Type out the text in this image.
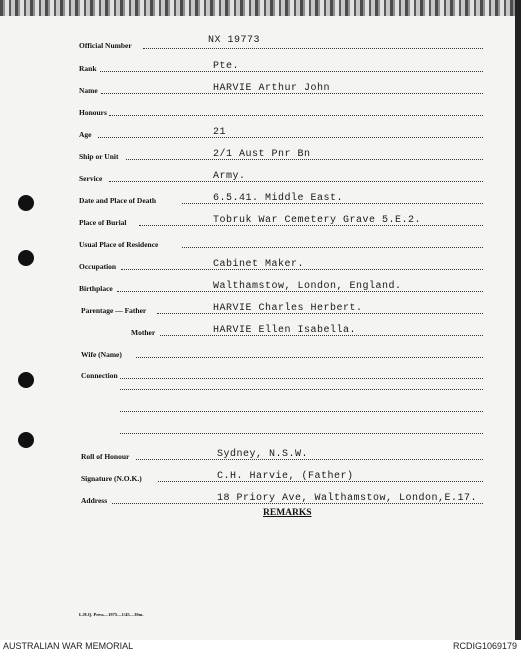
Official Number	NX 19773
Rank	Pte.
Name	HARVIE Arthur John
Honours
Age	21
Ship or Unit	2/1 Aust Pnr Bn
Service	Army.
Date and Place of Death	6.5.41. Middle East.
Place of Burial	Tobruk War Cemetery Grave 5.E.2.
Usual Place of Residence
Occupation	Cabinet Maker.
Birthplace	Walthamstow, London, England.
Parentage — Father	HARVIE Charles Herbert.
Mother	HARVIE Ellen Isabella.
Wife (Name)
Connection
Roll of Honour	Sydney, N.S.W.
Signature (N.O.K.)	C.H. Harvie, (Father)
Address	18 Priory Ave, Walthamstow, London,E.17.
REMARKS
L.H.Q. Press—1975—1/45—30m.
AUSTRALIAN WAR MEMORIAL	RCDIG1069179
